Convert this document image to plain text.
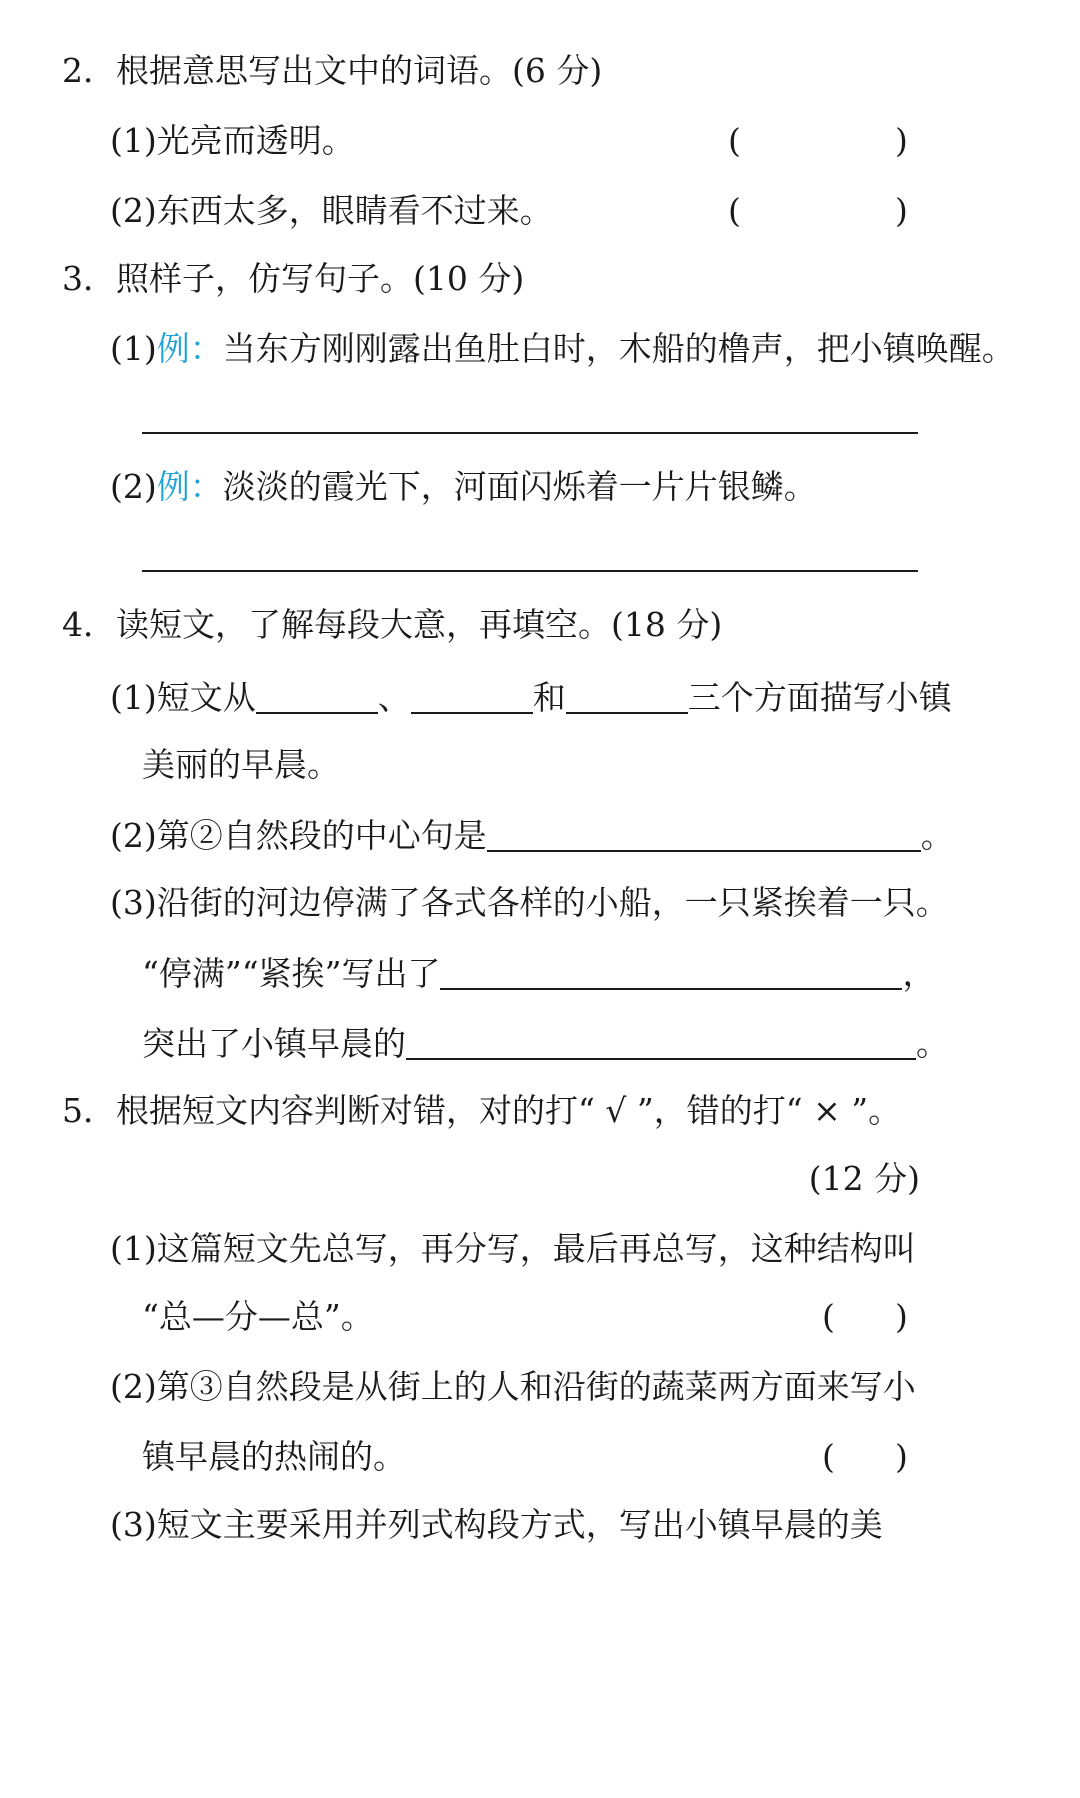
2．根据意思写出文中的词语。(6 分)
(1)光亮而透明。	(	)
(2)东西太多，眼睛看不过来。	(	)
3．照样子，仿写句子。(10 分)
(1)例：当东方刚刚露出鱼肚白时，木船的橹声，把小镇唤醒。
(2)例：淡淡的霞光下，河面闪烁着一片片银鳞。
4．读短文，了解每段大意，再填空。(18 分)
(1)短文从	、	和	三个方面描写小镇
美丽的早晨。
(2)第②自然段的中心句是	。
(3)沿街的河边停满了各式各样的小船，一只紧挨着一只。
“停满”“紧挨”写出了	，
突出了小镇早晨的	。
5．根据短文内容判断对错，对的打“ √ ”，错的打“ × ”。
(12 分)
(1)这篇短文先总写，再分写，最后再总写，这种结构叫
“总—分—总”。	( )
(2)第③自然段是从街上的人和沿街的蔬菜两方面来写小
镇早晨的热闹的。	( )
(3)短文主要采用并列式构段方式，写出小镇早晨的美
